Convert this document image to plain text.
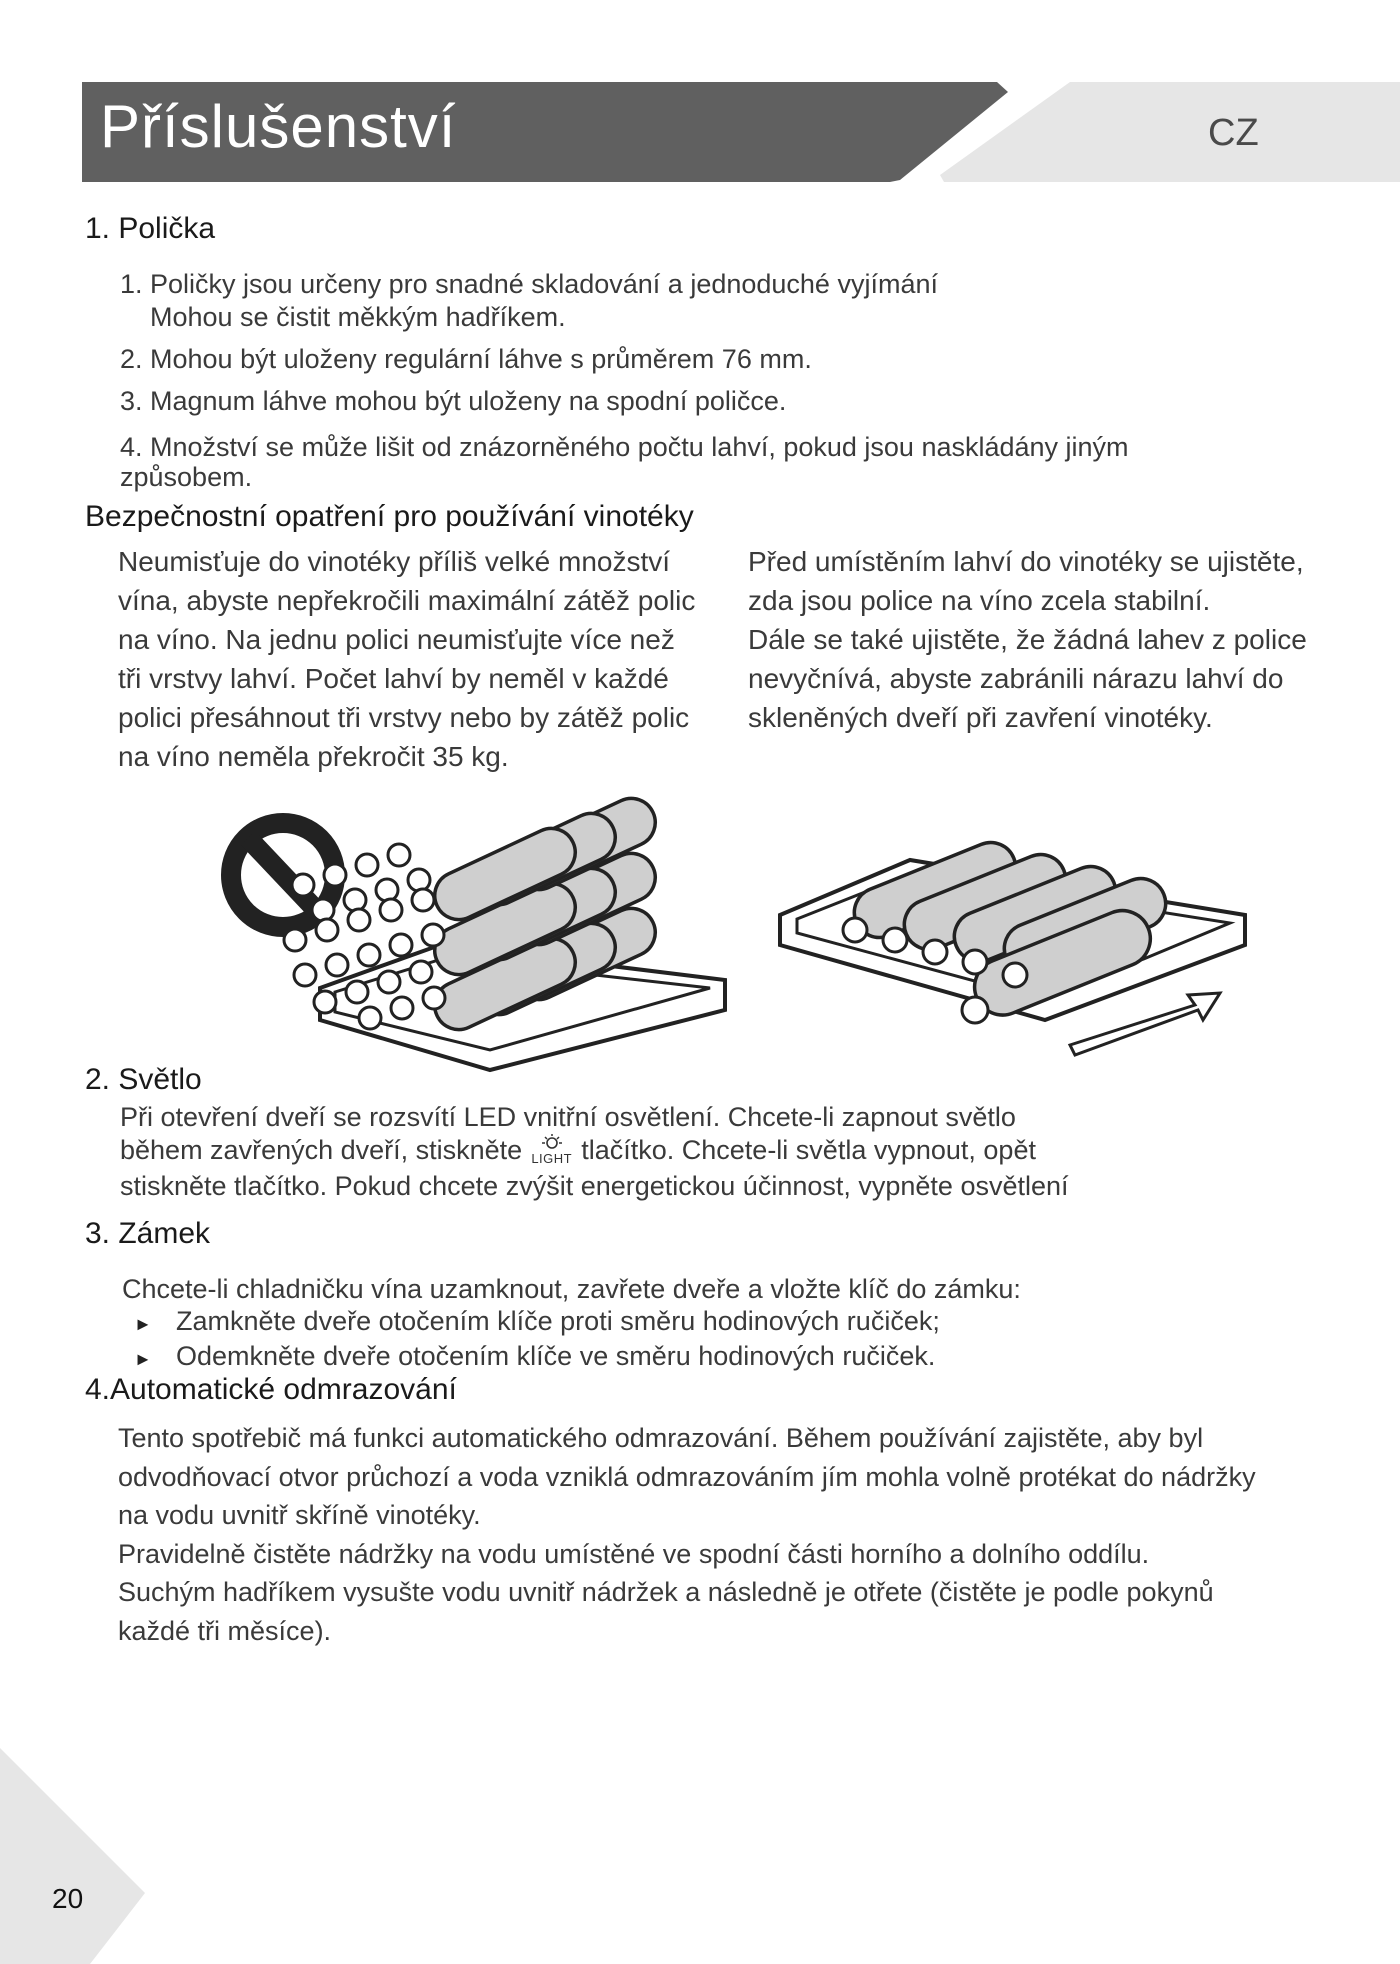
Příslušenství	CZ
1. Polička
1. Poličky jsou určeny pro snadné skladování a jednoduché vyjímání
Mohou se čistit měkkým hadříkem.
2. Mohou být uloženy regulární láhve s průměrem 76 mm.
3. Magnum láhve mohou být uloženy na spodní poličce.
4. Množství se může lišit od znázorněného počtu lahví, pokud jsou naskládány jiným
způsobem.
Bezpečnostní opatření pro používání vinotéky
Neumisťuje do vinotéky příliš velké množství
vína, abyste nepřekročili maximální zátěž polic
na víno. Na jednu polici neumisťujte více než
tři vrstvy lahví. Počet lahví by neměl v každé
polici přesáhnout tři vrstvy nebo by zátěž polic
na víno neměla překročit 35 kg.
Před umístěním lahví do vinotéky se ujistěte,
zda jsou police na víno zcela stabilní.
Dále se také ujistěte, že žádná lahev z police
nevyčnívá, abyste zabránili nárazu lahví do
skleněných dveří při zavření vinotéky.
2. Světlo
Při otevření dveří se rozsvítí LED vnitřní osvětlení. Chcete-li zapnout světlo
během zavřených dveří, stiskněte LIGHT tlačítko. Chcete-li světla vypnout, opět
stiskněte tlačítko. Pokud chcete zvýšit energetickou účinnost, vypněte osvětlení
3. Zámek
Chcete-li chladničku vína uzamknout, zavřete dveře a vložte klíč do zámku:
► Zamkněte dveře otočením klíče proti směru hodinových ručiček;
► Odemkněte dveře otočením klíče ve směru hodinových ručiček.
4.Automatické odmrazování
Tento spotřebič má funkci automatického odmrazování. Během používání zajistěte, aby byl
odvodňovací otvor průchozí a voda vzniklá odmrazováním jím mohla volně protékat do nádržky
na vodu uvnitř skříně vinotéky.
Pravidelně čistěte nádržky na vodu umístěné ve spodní části horního a dolního oddílu.
Suchým hadříkem vysušte vodu uvnitř nádržek a následně je otřete (čistěte je podle pokynů
každé tři měsíce).
20
